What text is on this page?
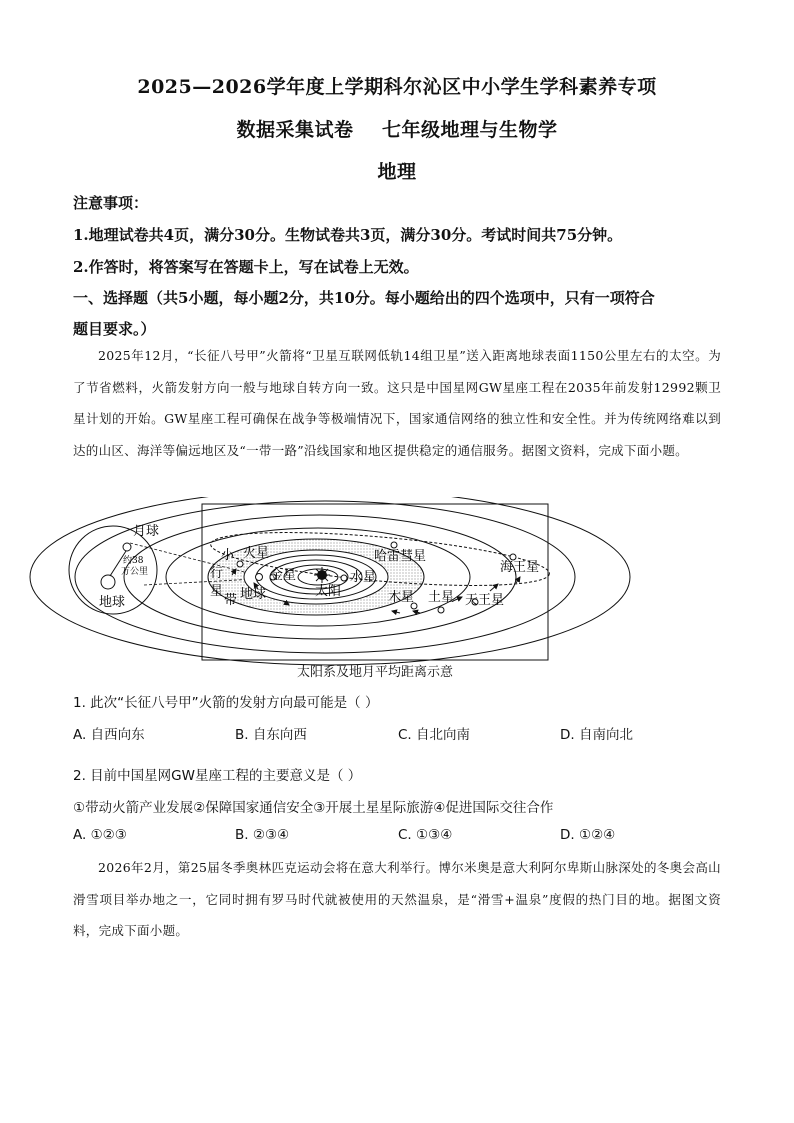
2025—2026学年度上学期科尔沁区中小学生学科素养专项
数据采集试卷    七年级地理与生物学
地理
注意事项：
1.地理试卷共4页，满分30分。生物试卷共3页，满分30分。考试时间共75分钟。
2.作答时，将答案写在答题卡上，写在试卷上无效。
一、选择题（共5小题，每小题2分，共10分。每小题给出的四个选项中，只有一项符合
题目要求。）
2025年12月，“长征八号甲”火箭将“卫星互联网低轨14组卫星”送入距离地球表面1150公里左右的太空。为了节省燃料，火箭发射方向一般与地球自转方向一致。这只是中国星网GW星座工程在2035年前发射12992颗卫星计划的开始。GW星座工程可确保在战争等极端情况下，国家通信网络的独立性和安全性。并为传统网络难以到达的山区、海洋等偏远地区及“一带一路”沿线国家和地区提供稳定的通信服务。据图文资料，完成下面小题。
月球
地球
约38
万公里
火星
小
行
星
带
金星
地球	太阳
水星
哈雷彗星
木星 土星 天王星
海王星
太阳系及地月平均距离示意
1. 此次“长征八号甲”火箭的发射方向最可能是（ ）
A. 自西向东	B. 自东向西	C. 自北向南	D. 自南向北
2. 目前中国星网GW星座工程的主要意义是（ ）
①带动火箭产业发展②保障国家通信安全③开展土星星际旅游④促进国际交往合作
A. ①②③	B. ②③④	C. ①③④	D. ①②④
2026年2月，第25届冬季奥林匹克运动会将在意大利举行。博尔米奥是意大利阿尔卑斯山脉深处的冬奥会高山滑雪项目举办地之一，它同时拥有罗马时代就被使用的天然温泉，是“滑雪+温泉”度假的热门目的地。据图文资料，完成下面小题。
